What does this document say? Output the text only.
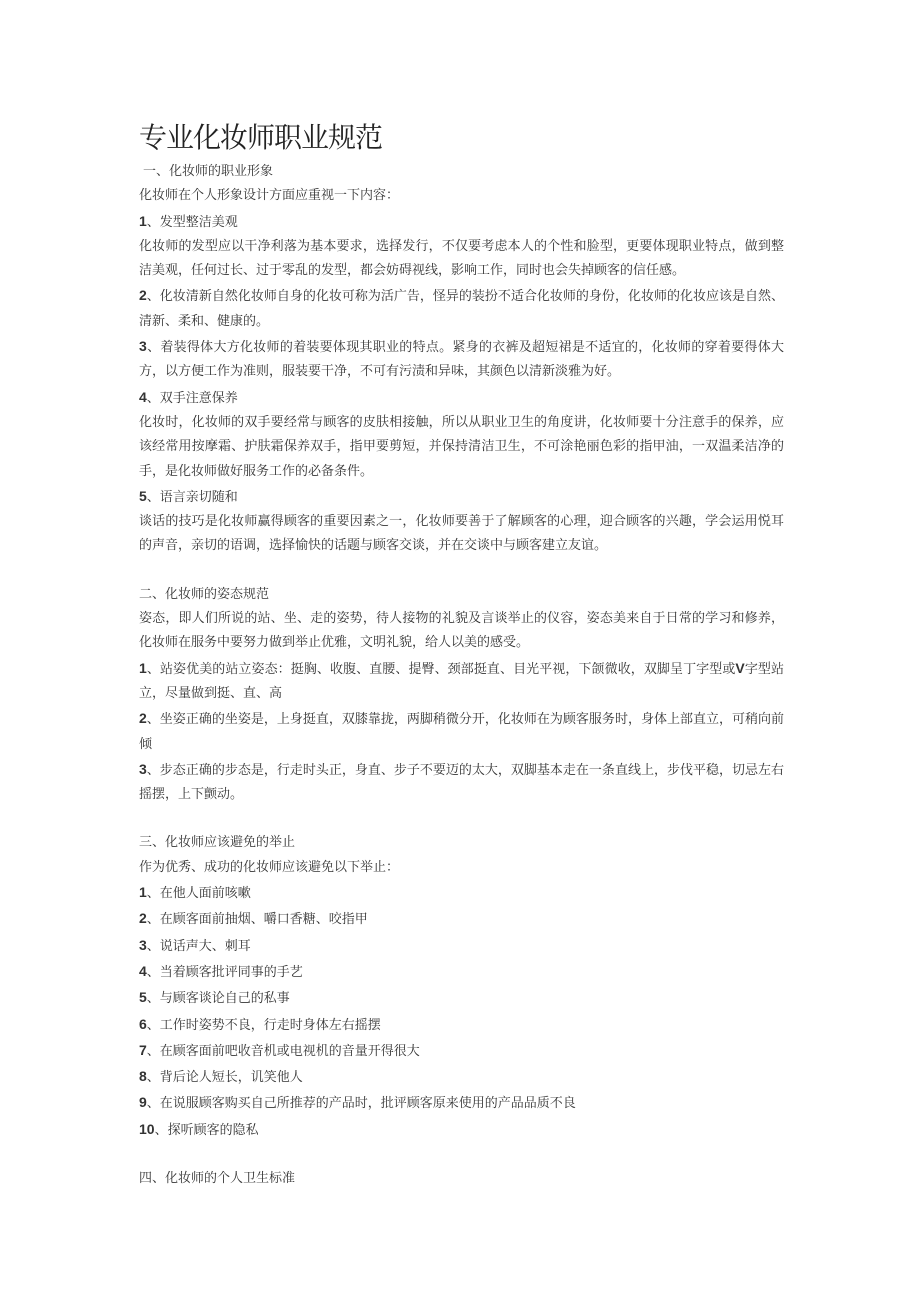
专业化妆师职业规范

一、化妆师的职业形象

化妆师在个人形象设计方面应重视一下内容：

1、发型整洁美观

化妆师的发型应以干净利落为基本要求，选择发行，不仅要考虑本人的个性和脸型，更要体现职业特点，做到整洁美观，任何过长、过于零乱的发型，都会妨碍视线，影响工作，同时也会失掉顾客的信任感。

2、化妆清新自然化妆师自身的化妆可称为活广告，怪异的装扮不适合化妆师的身份，化妆师的化妆应该是自然、清新、柔和、健康的。

3、着装得体大方化妆师的着装要体现其职业的特点。紧身的衣裤及超短裙是不适宜的，化妆师的穿着要得体大方，以方便工作为准则，服装要干净，不可有污渍和异味，其颜色以清新淡雅为好。

4、双手注意保养

化妆时，化妆师的双手要经常与顾客的皮肤相接触，所以从职业卫生的角度讲，化妆师要十分注意手的保养，应该经常用按摩霜、护肤霜保养双手，指甲要剪短，并保持清洁卫生，不可涂艳丽色彩的指甲油，一双温柔洁净的手，是化妆师做好服务工作的必备条件。

5、语言亲切随和

谈话的技巧是化妆师赢得顾客的重要因素之一，化妆师要善于了解顾客的心理，迎合顾客的兴趣，学会运用悦耳的声音，亲切的语调，选择愉快的话题与顾客交谈，并在交谈中与顾客建立友谊。

二、化妆师的姿态规范

姿态，即人们所说的站、坐、走的姿势，待人接物的礼貌及言谈举止的仪容，姿态美来自于日常的学习和修养，化妆师在服务中要努力做到举止优雅，文明礼貌，给人以美的感受。

1、站姿优美的站立姿态：挺胸、收腹、直腰、提臀、颈部挺直、目光平视，下颌微收，双脚呈丁字型或V字型站立，尽量做到挺、直、高

2、坐姿正确的坐姿是，上身挺直，双膝靠拢，两脚稍微分开，化妆师在为顾客服务时，身体上部直立，可稍向前倾

3、步态正确的步态是，行走时头正，身直、步子不要迈的太大，双脚基本走在一条直线上，步伐平稳，切忌左右摇摆，上下颤动。

三、化妆师应该避免的举止

作为优秀、成功的化妆师应该避免以下举止：

1、在他人面前咳嗽

2、在顾客面前抽烟、嚼口香糖、咬指甲

3、说话声大、刺耳

4、当着顾客批评同事的手艺

5、与顾客谈论自己的私事

6、工作时姿势不良，行走时身体左右摇摆

7、在顾客面前吧收音机或电视机的音量开得很大

8、背后论人短长，讥笑他人

9、在说服顾客购买自己所推荐的产品时，批评顾客原来使用的产品品质不良

10、探听顾客的隐私

四、化妆师的个人卫生标准
